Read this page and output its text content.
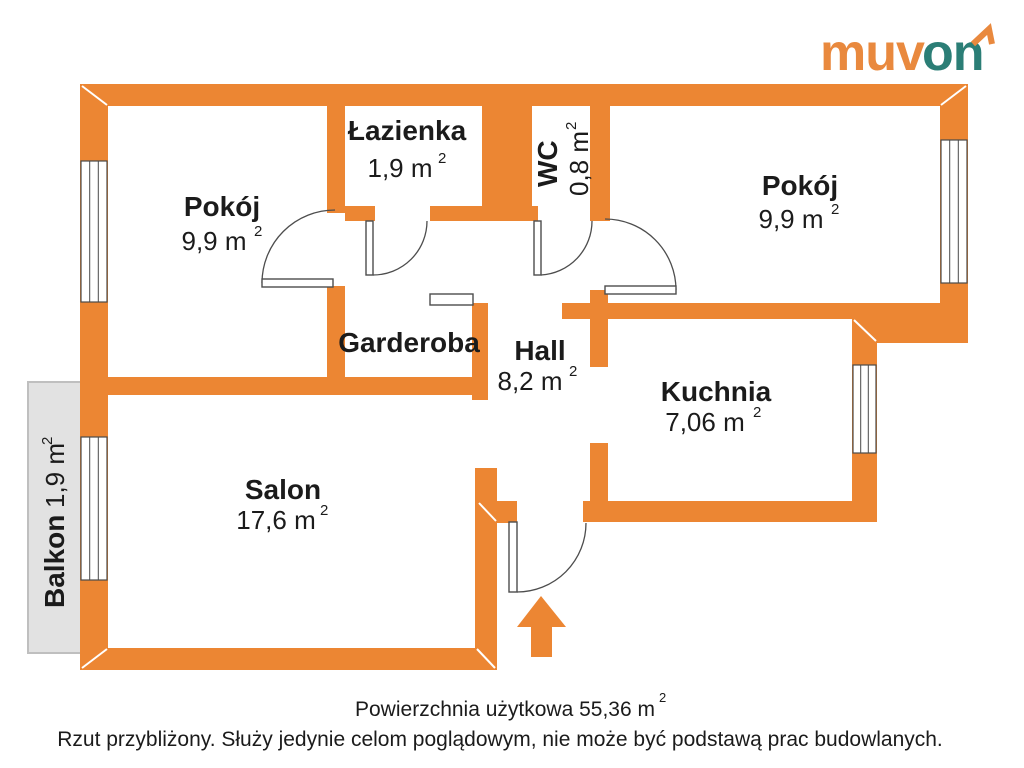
Pokój
9,9 m 2
Łazienka
1,9 m 2	WC 0,8 m
2
Pokój
9,9 m 2
Garderoba Hall
8,2 m 2
Kuchnia
7,06 m 2
Salon
17,6 m 2
Balkon
1,9 m
2
Powierzchnia użytkowa 55,36 m
2
Rzut przybliżony. Służy jedynie celom poglądowym, nie może być podstawą prac budowlanych.
muv
on
